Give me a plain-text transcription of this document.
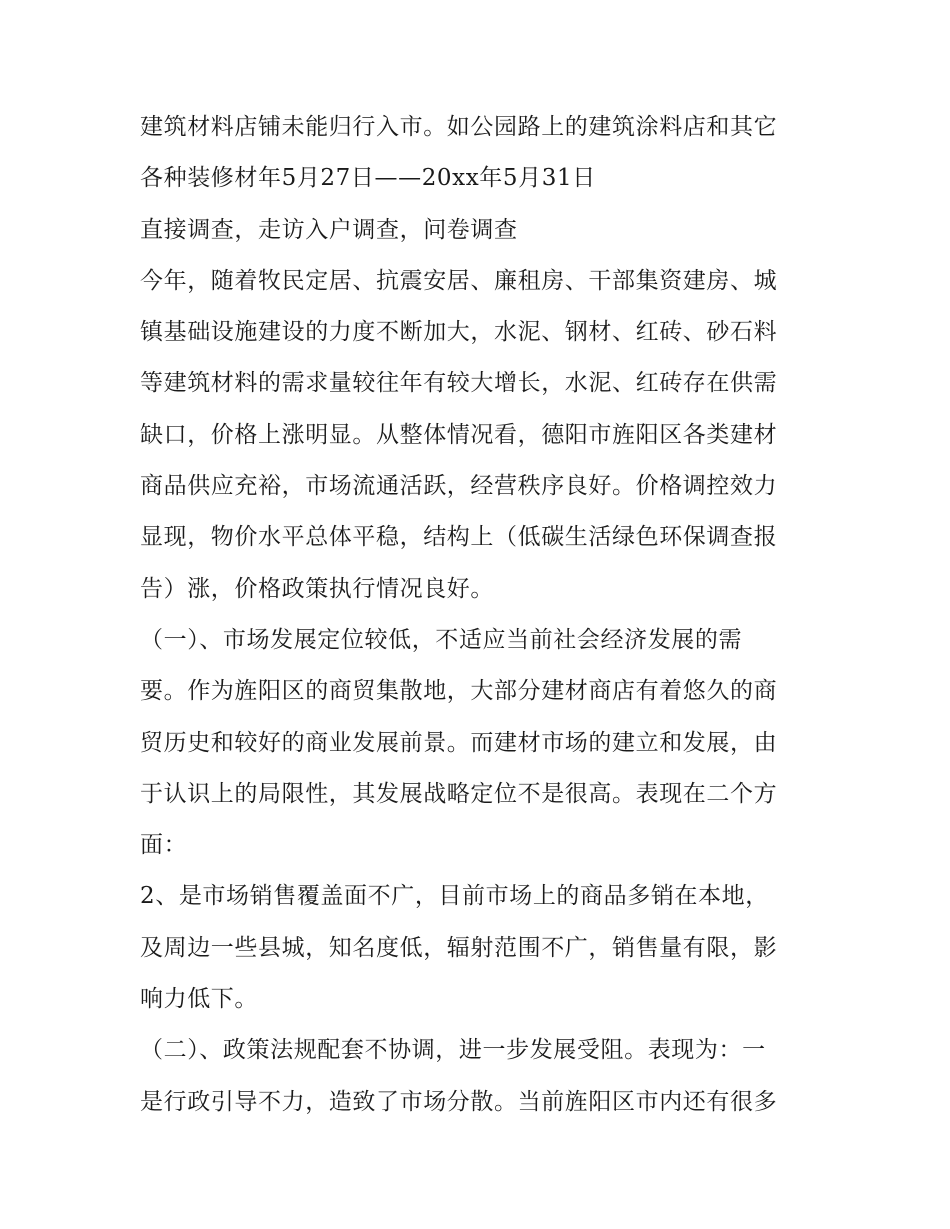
建筑材料店铺未能归行入市。如公园路上的建筑涂料店和其它
各种装修材年5月27日——20xx年5月31日

直接调查，走访入户调查，问卷调查

今年，随着牧民定居、抗震安居、廉租房、干部集资建房、城
镇基础设施建设的力度不断加大，水泥、钢材、红砖、砂石料
等建筑材料的需求量较往年有较大增长，水泥、红砖存在供需
缺口，价格上涨明显。从整体情况看，德阳市旌阳区各类建材
商品供应充裕，市场流通活跃，经营秩序良好。价格调控效力
显现，物价水平总体平稳，结构上（低碳生活绿色环保调查报
告）涨，价格政策执行情况良好。

（一）、市场发展定位较低，不适应当前社会经济发展的需
要。作为旌阳区的商贸集散地，大部分建材商店有着悠久的商
贸历史和较好的商业发展前景。而建材市场的建立和发展，由
于认识上的局限性，其发展战略定位不是很高。表现在二个方
面：

2、是市场销售覆盖面不广，目前市场上的商品多销在本地，
及周边一些县城，知名度低，辐射范围不广，销售量有限，影
响力低下。

（二）、政策法规配套不协调，进一步发展受阻。表现为：一
是行政引导不力，造致了市场分散。当前旌阳区市内还有很多
